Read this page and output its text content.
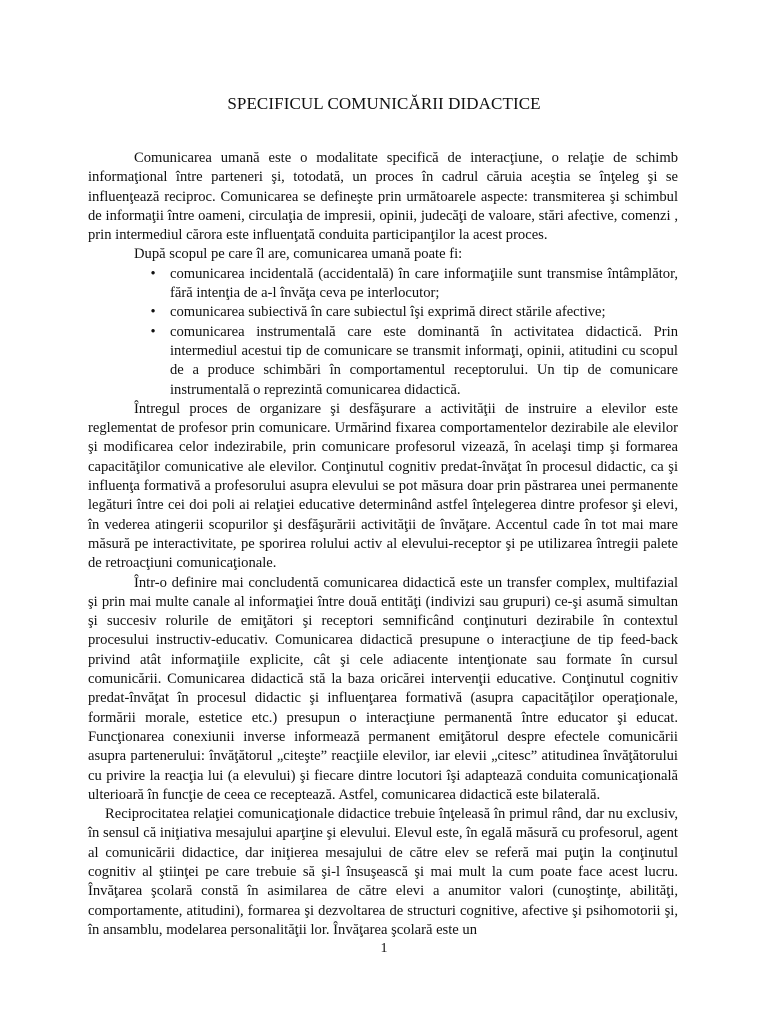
SPECIFICUL COMUNICĂRII DIDACTICE

Comunicarea umană este o modalitate specifică de interacţiune, o relaţie de schimb informaţional între parteneri şi, totodată, un proces în cadrul căruia aceştia se înţeleg şi se influenţează reciproc. Comunicarea se defineşte prin următoarele aspecte: transmiterea şi schimbul de informaţii între oameni, circulaţia de impresii, opinii, judecăţi de valoare, stări afective, comenzi , prin intermediul cărora este influenţată conduita participanţilor la acest proces.

După scopul pe care îl are, comunicarea umană poate fi:

• comunicarea incidentală (accidentală) în care informaţiile sunt transmise întâmplător, fără intenţia de a-l învăţa ceva pe interlocutor;
• comunicarea subiectivă în care subiectul îşi exprimă direct stările afective;
• comunicarea instrumentală care este dominantă în activitatea didactică. Prin intermediul acestui tip de comunicare se transmit informaţi, opinii, atitudini cu scopul de a produce schimbări în comportamentul receptorului. Un tip de comunicare instrumentală o reprezintă comunicarea didactică.

Întregul proces de organizare şi desfăşurare a activităţii de instruire a elevilor este reglementat de profesor prin comunicare. Urmărind fixarea comportamentelor dezirabile ale elevilor şi modificarea celor indezirabile, prin comunicare profesorul vizează, în acelaşi timp şi formarea capacităţilor comunicative ale elevilor. Conţinutul cognitiv predat-învăţat în procesul didactic, ca şi influenţa formativă a profesorului asupra elevului se pot măsura doar prin păstrarea unei permanente legături între cei doi poli ai relaţiei educative determinând astfel înţelegerea dintre profesor şi elevi, în vederea atingerii scopurilor şi desfăşurării activităţii de învăţare. Accentul cade în tot mai mare măsură pe interactivitate, pe sporirea rolului activ al elevului-receptor şi pe utilizarea întregii palete de retroacţiuni comunicaţionale.

Într-o definire mai concludentă comunicarea didactică este un transfer complex, multifazial şi prin mai multe canale al informaţiei între două entităţi (indivizi sau grupuri) ce-şi asumă simultan şi succesiv rolurile de emiţători şi receptori semnificând conţinuturi dezirabile în contextul procesului instructiv-educativ. Comunicarea didactică presupune o interacţiune de tip feed-back privind atât informaţiile explicite, cât şi cele adiacente intenţionate sau formate în cursul comunicării. Comunicarea didactică stă la baza oricărei intervenţii educative. Conţinutul cognitiv predat-învăţat în procesul didactic şi influenţarea formativă (asupra capacităţilor operaţionale, formării morale, estetice etc.) presupun o interacţiune permanentă între educator şi educat. Funcţionarea conexiunii inverse informează permanent emiţătorul despre efectele comunicării asupra partenerului: învăţătorul „citeşte” reacţiile elevilor, iar elevii „citesc” atitudinea învăţătorului cu privire la reacţia lui (a elevului) şi fiecare dintre locutori îşi adaptează conduita comunicaţională ulterioară în funcţie de ceea ce receptează. Astfel, comunicarea didactică este bilaterală.

Reciprocitatea relaţiei comunicaţionale didactice trebuie înţeleasă în primul rând, dar nu exclusiv, în sensul că iniţiativa mesajului aparţine şi elevului. Elevul este, în egală măsură cu profesorul, agent al comunicării didactice, dar iniţierea mesajului de către elev se referă mai puţin la conţinutul cognitiv al ştiinţei pe care trebuie să şi-l însuşească şi mai mult la cum poate face acest lucru. Învăţarea şcolară constă în asimilarea de către elevi a anumitor valori (cunoştinţe, abilităţi, comportamente, atitudini), formarea şi dezvoltarea de structuri cognitive, afective şi psihomotorii şi, în ansamblu, modelarea personalităţii lor. Învăţarea şcolară este un

1
